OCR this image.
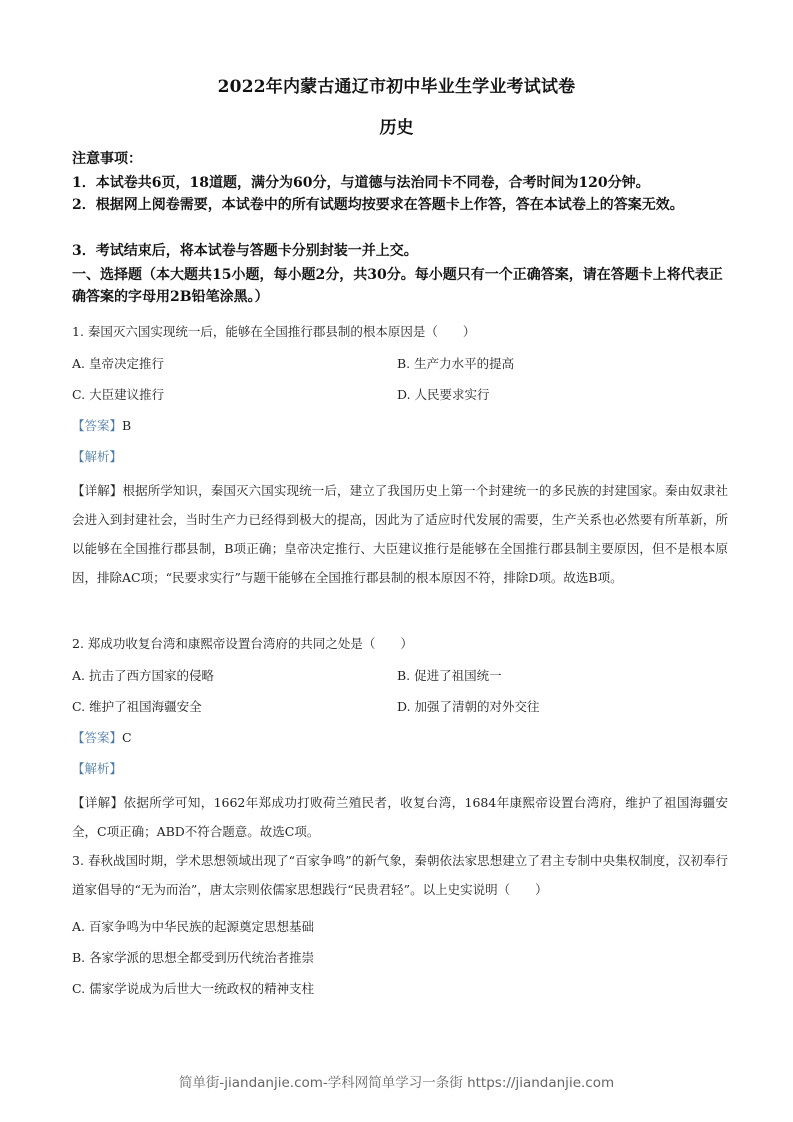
2022年内蒙古通辽市初中毕业生学业考试试卷
历史
注意事项：
1．本试卷共6页，18道题，满分为60分，与道德与法治同卡不同卷，合考时间为120分钟。
2．根据网上阅卷需要，本试卷中的所有试题均按要求在答题卡上作答，答在本试卷上的答案无效。
3．考试结束后，将本试卷与答题卡分别封装一并上交。
一、选择题（本大题共15小题，每小题2分，共30分。每小题只有一个正确答案，请在答题卡上将代表正确答案的字母用2B铅笔涂黑。）
1. 秦国灭六国实现统一后，能够在全国推行郡县制的根本原因是（　　）
A. 皇帝决定推行	B. 生产力水平的提高
C. 大臣建议推行	D. 人民要求实行
【答案】B
【解析】
【详解】根据所学知识，秦国灭六国实现统一后，建立了我国历史上第一个封建统一的多民族的封建国家。秦由奴隶社会进入到封建社会，当时生产力已经得到极大的提高，因此为了适应时代发展的需要，生产关系也必然要有所革新，所以能够在全国推行郡县制，B项正确；皇帝决定推行、大臣建议推行是能够在全国推行郡县制主要原因，但不是根本原因，排除AC项；“民要求实行”与题干能够在全国推行郡县制的根本原因不符，排除D项。故选B项。
2. 郑成功收复台湾和康熙帝设置台湾府的共同之处是（　　）
A. 抗击了西方国家的侵略	B. 促进了祖国统一
C. 维护了祖国海疆安全	D. 加强了清朝的对外交往
【答案】C
【解析】
【详解】依据所学可知，1662年郑成功打败荷兰殖民者，收复台湾，1684年康熙帝设置台湾府，维护了祖国海疆安全，C项正确；ABD不符合题意。故选C项。
3. 春秋战国时期，学术思想领域出现了“百家争鸣”的新气象，秦朝依法家思想建立了君主专制中央集权制度，汉初奉行道家倡导的“无为而治”，唐太宗则依儒家思想践行“民贵君轻”。以上史实说明（　　）
A. 百家争鸣为中华民族的起源奠定思想基础
B. 各家学派的思想全都受到历代统治者推崇
C. 儒家学说成为后世大一统政权的精神支柱
简单街-jiandanjie.com-学科网简单学习一条街 https://jiandanjie.com
